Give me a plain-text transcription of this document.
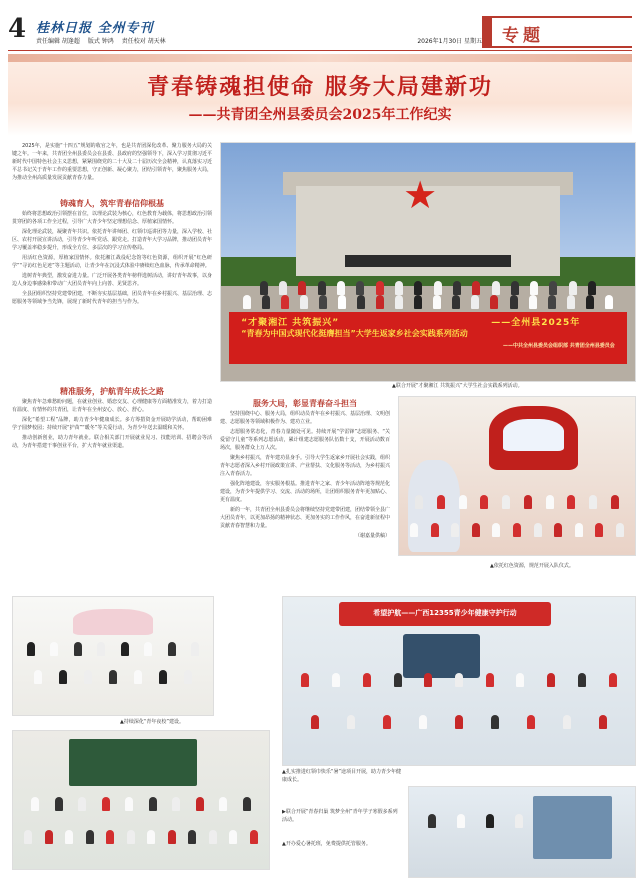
4 桂林日报 全州专刊
责任编辑 胡逢超 版式 钟鸿 责任校对 胡天林	2026年1月30日 星期五 专题
青春铸魂担使命 服务大局建新功
——共青团全州县委员会2025年工作纪实

2025年，是实施“十四五”规划的收官之年，也是共青团深化改革、聚力服务大局的关键之年。一年来，共青团全州县委员会在县委、县政府的坚强领导下，深入学习贯彻习近平新时代中国特色社会主义思想，紧紧围绕党的二十大及二十届历次全会精神，认真落实习近平总书记关于青年工作的重要思想，守正创新、凝心聚力，团结引领青年，聚焦服务大局，为推动全州高质量发展贡献青春力量。

铸魂育人，筑牢青春信仰根基

始终将思想政治引领摆在首位，以理论武装为核心，红色教育为载体，将思想政治引领贯穿团的各项工作全过程，引导广大青少年坚定理想信念、厚植家国情怀。

深化理论武装，凝聚青年共识。依托青年讲师团、红领巾巡讲团等力量，深入学校、社区、农村开展宣讲活动，引导青少年听党话、跟党走。打造青年大学习品牌，推动团员青年学习覆盖率稳步提升，形成全方位、多层次的学习宣传格局。

用活红色资源，厚植家国情怀。依托湘江战役纪念馆等红色资源，组织开展“红色研学”“寻访红色足迹”等主题活动，让青少年在沉浸式体验中赓续红色血脉，传承革命精神。

选树青年典型，激发奋进力量。广泛开展各类青年榜样选树活动，讲好青年故事，以身边人身边事感染和带动广大团员青年向上向善、见贤思齐。

全县团组织坚持党建带团建，不断夯实基层基础，团员青年在乡村振兴、基层治理、志愿服务等领域争当先锋，展现了新时代青年的担当与作为。

精准服务，护航青年成长之路

聚焦青年急难愁盼问题，在就业创业、婚恋交友、心理健康等方面精准发力，着力打造有温度、有情怀的共青团，让青年在全州安心、放心、舒心。

深化“希望工程”品牌，助力青少年健康成长。多方筹措资金开展助学活动，帮助困难学子圆梦校园；持续开展“护苗”“暖冬”等关爱行动，为青少年送去温暖和关怀。

推动创新创业，助力青年就业。联合相关部门开展就业见习、技能培训、招聘会等活动，为青年搭建干事创业平台，扩大青年就业渠道。

★
“才聚湘江 共筑振兴”	——全州县2025年
“青春为中国式现代化挺膺担当”大学生返家乡社会实践系列活动
——中共全州县委员会组织部 共青团全州县委员会
▲联合开展“才聚湘江 共筑振兴”大学生社会实践系列活动。
服务大局，彰显青春奋斗担当

坚持围绕中心、服务大局，组织动员青年在乡村振兴、基层治理、文明创建、志愿服务等领域积极作为、建功立业。

志愿服务常态化，青春力量随处可见。持续开展“学雷锋”志愿服务、“关爱留守儿童”等系列志愿活动，累计组建志愿服务队伍数十支，开展活动数百场次，服务群众上万人次。

聚焦乡村振兴，青年建功显身手。引导大学生返家乡开展社会实践，组织青年志愿者深入乡村开展政策宣讲、产业帮扶、文化服务等活动，为乡村振兴注入青春活力。

强化阵地建设，夯实服务根基。推进青年之家、青少年活动阵地等规范化建设，为青少年提供学习、交流、活动的场所，让团组织服务青年更加贴心、更有温度。

新的一年，共青团全州县委员会将继续坚持党建带团建，团结带领全县广大团员青年，以更加昂扬的精神状态、更加务实的工作作风，在奋进新征程中贡献青春智慧和力量。

（谢嘉量供稿）
▲依托红色资源，规范开展入队仪式。
▲持续深化“青年夜校”建设。
希望护航——广西12355青少年健康守护行动
▲扎实推进红领巾快乐“暑”途项目开展，助力青少年健康成长。
▶联合开展“青春归巢 筑梦全州”青年学子寒假多系列活动。
▲开办爱心暑托班，免费提供托管服务。
